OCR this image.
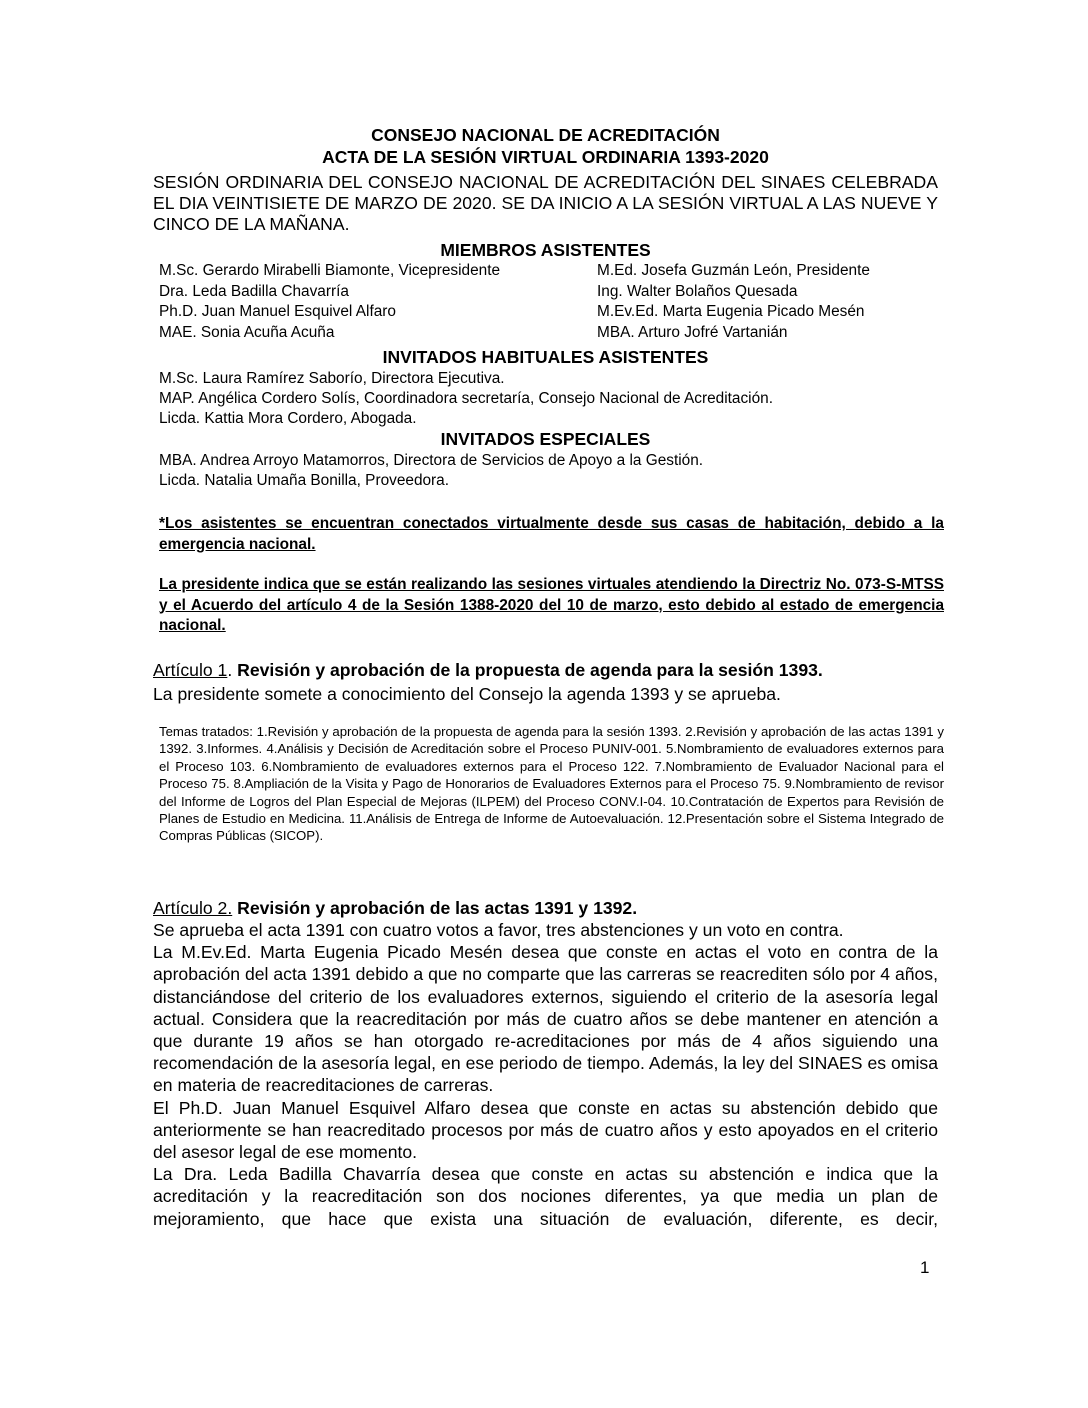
CONSEJO NACIONAL DE ACREDITACIÓN
ACTA DE LA SESIÓN VIRTUAL ORDINARIA 1393-2020
SESIÓN ORDINARIA DEL CONSEJO NACIONAL DE ACREDITACIÓN DEL SINAES CELEBRADA EL DIA VEINTISIETE DE MARZO DE 2020. SE DA INICIO A LA SESIÓN VIRTUAL A LAS NUEVE Y CINCO DE LA MAÑANA.
MIEMBROS ASISTENTES
M.Sc. Gerardo Mirabelli Biamonte, Vicepresidente	M.Ed. Josefa Guzmán León, Presidente
Dra. Leda Badilla Chavarría	Ing. Walter Bolaños Quesada
Ph.D. Juan Manuel Esquivel Alfaro	M.Ev.Ed. Marta Eugenia Picado Mesén
MAE. Sonia Acuña Acuña	MBA. Arturo Jofré Vartanián
INVITADOS HABITUALES ASISTENTES
M.Sc. Laura Ramírez Saborío, Directora Ejecutiva.
MAP. Angélica Cordero Solís, Coordinadora secretaría, Consejo Nacional de Acreditación.
Licda. Kattia Mora Cordero, Abogada.
INVITADOS ESPECIALES
MBA. Andrea Arroyo Matamorros, Directora de Servicios de Apoyo a la Gestión.
Licda. Natalia Umaña Bonilla, Proveedora.
*Los asistentes se encuentran conectados virtualmente desde sus casas de habitación, debido a la emergencia nacional.
La presidente indica que se están realizando las sesiones virtuales atendiendo la Directriz No. 073-S-MTSS y el Acuerdo del artículo 4 de la Sesión 1388-2020 del 10 de marzo, esto debido al estado de emergencia nacional.
Artículo 1. Revisión y aprobación de la propuesta de agenda para la sesión 1393.
La presidente somete a conocimiento del Consejo la agenda 1393 y se aprueba.
Temas tratados: 1.Revisión y aprobación de la propuesta de agenda para la sesión 1393. 2.Revisión y aprobación de las actas 1391 y 1392. 3.Informes. 4.Análisis y Decisión de Acreditación sobre el Proceso PUNIV-001. 5.Nombramiento de evaluadores externos para el Proceso 103. 6.Nombramiento de evaluadores externos para el Proceso 122. 7.Nombramiento de Evaluador Nacional para el Proceso 75. 8.Ampliación de la Visita y Pago de Honorarios de Evaluadores Externos para el Proceso 75. 9.Nombramiento de revisor del Informe de Logros del Plan Especial de Mejoras (ILPEM) del Proceso CONV.I-04. 10.Contratación de Expertos para Revisión de Planes de Estudio en Medicina. 11.Análisis de Entrega de Informe de Autoevaluación. 12.Presentación sobre el Sistema Integrado de Compras Públicas (SICOP).
Artículo 2. Revisión y aprobación de las actas 1391 y 1392.

Se aprueba el acta 1391 con cuatro votos a favor, tres abstenciones y un voto en contra.

La M.Ev.Ed. Marta Eugenia Picado Mesén desea que conste en actas el voto en contra de la aprobación del acta 1391 debido a que no comparte que las carreras se reacrediten sólo por 4 años, distanciándose del criterio de los evaluadores externos, siguiendo el criterio de la asesoría legal actual. Considera que la reacreditación por más de cuatro años se debe mantener en atención a que durante 19 años se han otorgado re-acreditaciones por más de 4 años siguiendo una recomendación de la asesoría legal, en ese periodo de tiempo. Además, la ley del SINAES es omisa en materia de reacreditaciones de carreras.

El Ph.D. Juan Manuel Esquivel Alfaro desea que conste en actas su abstención debido que anteriormente se han reacreditado procesos por más de cuatro años y esto apoyados en el criterio del asesor legal de ese momento.

La Dra. Leda Badilla Chavarría desea que conste en actas su abstención e indica que la acreditación y la reacreditación son dos nociones diferentes, ya que media un plan de mejoramiento, que hace que exista una situación de evaluación, diferente, es decir,

1
